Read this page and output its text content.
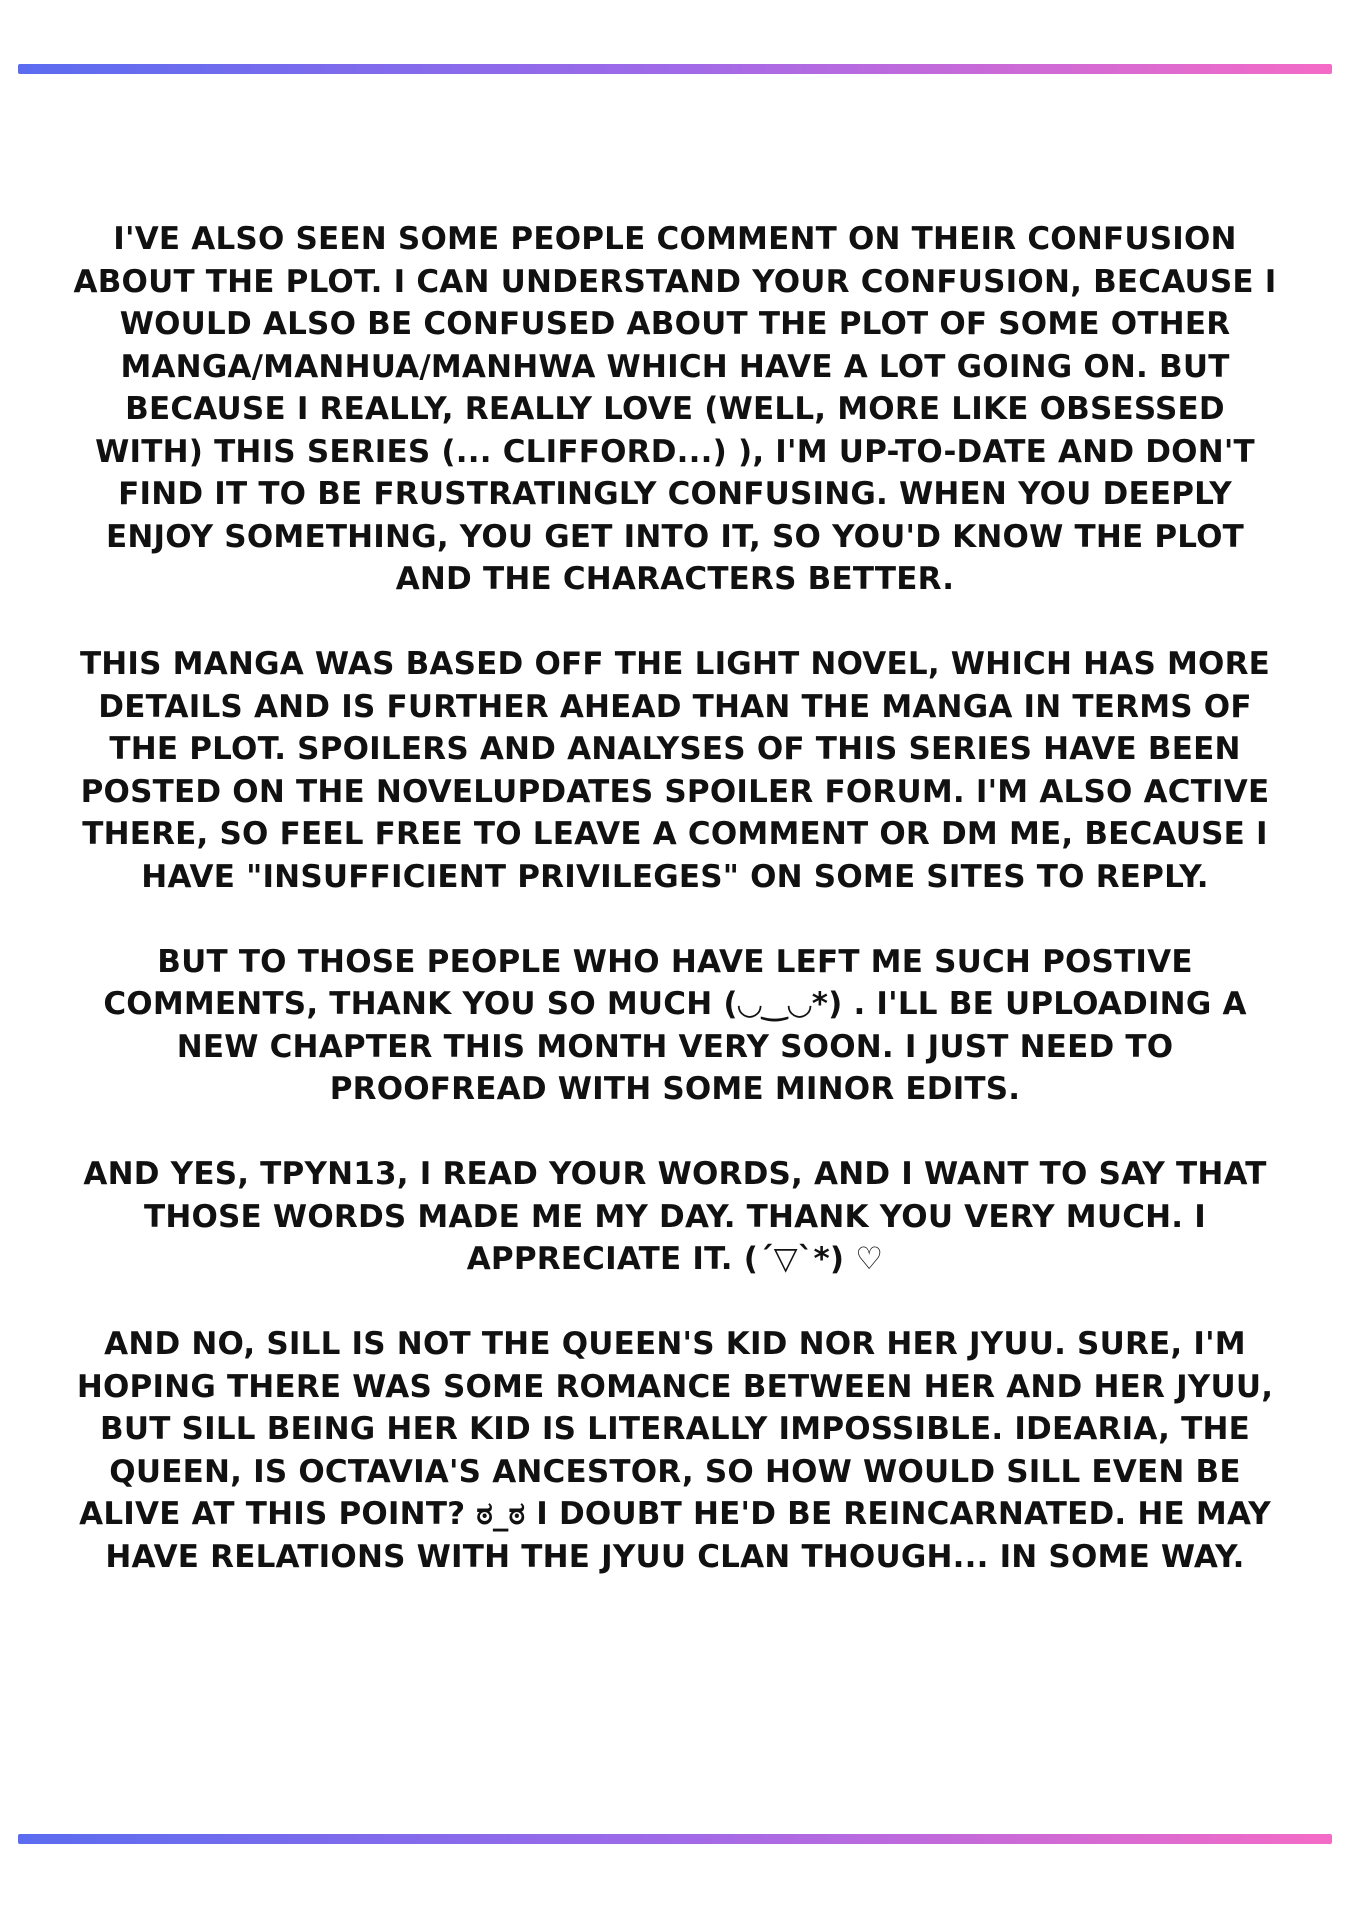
I'VE ALSO SEEN SOME PEOPLE COMMENT ON THEIR CONFUSION ABOUT THE PLOT. I CAN UNDERSTAND YOUR CONFUSION, BECAUSE I WOULD ALSO BE CONFUSED ABOUT THE PLOT OF SOME OTHER MANGA/MANHUA/MANHWA WHICH HAVE A LOT GOING ON. BUT BECAUSE I REALLY, REALLY LOVE (WELL, MORE LIKE OBSESSED WITH) THIS SERIES (... CLIFFORD...) ), I'M UP-TO-DATE AND DON'T FIND IT TO BE FRUSTRATINGLY CONFUSING. WHEN YOU DEEPLY ENJOY SOMETHING, YOU GET INTO IT, SO YOU'D KNOW THE PLOT AND THE CHARACTERS BETTER.

THIS MANGA WAS BASED OFF THE LIGHT NOVEL, WHICH HAS MORE DETAILS AND IS FURTHER AHEAD THAN THE MANGA IN TERMS OF THE PLOT. SPOILERS AND ANALYSES OF THIS SERIES HAVE BEEN POSTED ON THE NOVELUPDATES SPOILER FORUM. I'M ALSO ACTIVE THERE, SO FEEL FREE TO LEAVE A COMMENT OR DM ME, BECAUSE I HAVE "INSUFFICIENT PRIVILEGES" ON SOME SITES TO REPLY.

BUT TO THOSE PEOPLE WHO HAVE LEFT ME SUCH POSTIVE COMMENTS, THANK YOU SO MUCH (◡‿◡*) . I'LL BE UPLOADING A NEW CHAPTER THIS MONTH VERY SOON. I JUST NEED TO PROOFREAD WITH SOME MINOR EDITS.

AND YES, TPYN13, I READ YOUR WORDS, AND I WANT TO SAY THAT THOSE WORDS MADE ME MY DAY. THANK YOU VERY MUCH. I APPRECIATE IT. (´▽`*) ♡

AND NO, SILL IS NOT THE QUEEN'S KID NOR HER JYUU. SURE, I'M HOPING THERE WAS SOME ROMANCE BETWEEN HER AND HER JYUU, BUT SILL BEING HER KID IS LITERALLY IMPOSSIBLE. IDEARIA, THE QUEEN, IS OCTAVIA'S ANCESTOR, SO HOW WOULD SILL EVEN BE ALIVE AT THIS POINT? ಠ_ಠ I DOUBT HE'D BE REINCARNATED. HE MAY HAVE RELATIONS WITH THE JYUU CLAN THOUGH... IN SOME WAY.
